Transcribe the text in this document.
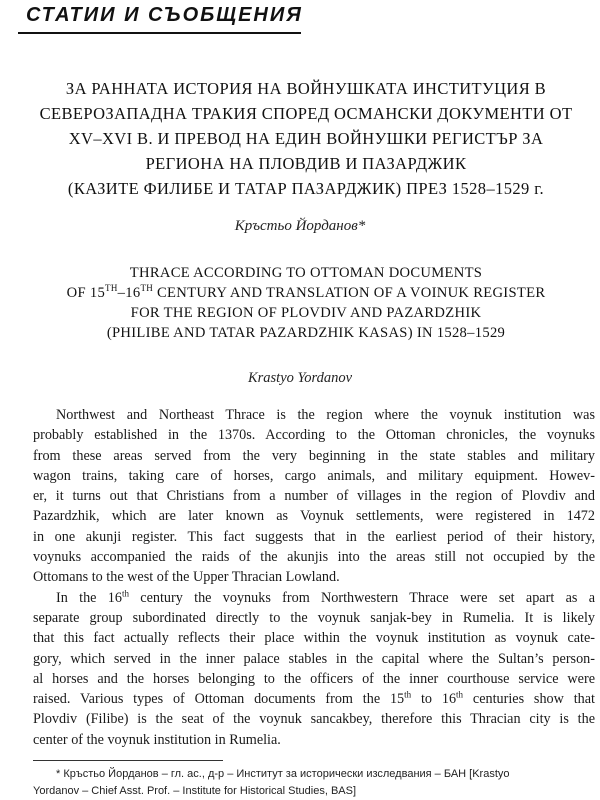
СТАТИИ И СЪОБЩЕНИЯ
ЗА РАННАТА ИСТОРИЯ НА ВОЙНУШКАТА ИНСТИТУЦИЯ В
СЕВЕРОЗАПАДНА ТРАКИЯ СПОРЕД ОСМАНСКИ ДОКУМЕНТИ ОТ
XV–XVI В. И ПРЕВОД НА ЕДИН ВОЙНУШКИ РЕГИСТЪР ЗА
РЕГИОНА НА ПЛОВДИВ И ПАЗАРДЖИК
(КАЗИТЕ ФИЛИБЕ И ТАТАР ПАЗАРДЖИК) ПРЕЗ 1528–1529 г.
Кръстьо Йорданов*
THRACE ACCORDING TO OTTOMAN DOCUMENTS
OF 15TH–16TH CENTURY AND TRANSLATION OF A VOINUK REGISTER
FOR THE REGION OF PLOVDIV AND PAZARDZHIK
(PHILIBE AND TATAR PAZARDZHIK KASAS) IN 1528–1529
Krastyo Yordanov
Northwest and Northeast Thrace is the region where the voynuk institution was
probably established in the 1370s. According to the Ottoman chronicles, the voynuks
from these areas served from the very beginning in the state stables and military
wagon trains, taking care of horses, cargo animals, and military equipment. Howev-
er, it turns out that Christians from a number of villages in the region of Plovdiv and
Pazardzhik, which are later known as Voynuk settlements, were registered in 1472
in one akunji register. This fact suggests that in the earliest period of their history,
voynuks accompanied the raids of the akunjis into the areas still not occupied by the
Ottomans to the west of the Upper Thracian Lowland.
In the 16th century the voynuks from Northwestern Thrace were set apart as a
separate group subordinated directly to the voynuk sanjak-bey in Rumelia. It is likely
that this fact actually reflects their place within the voynuk institution as voynuk cate-
gory, which served in the inner palace stables in the capital where the Sultan’s person-
al horses and the horses belonging to the officers of the inner courthouse service were
raised. Various types of Ottoman documents from the 15th to 16th centuries show that
Plovdiv (Filibe) is the seat of the voynuk sancakbey, therefore this Thracian city is the
center of the voynuk institution in Rumelia.
* Кръстьо Йорданов – гл. ас., д-р – Институт за исторически изследвания – БАН [Krastyo
Yordanov – Chief Asst. Prof. – Institute for Historical Studies, BAS]
